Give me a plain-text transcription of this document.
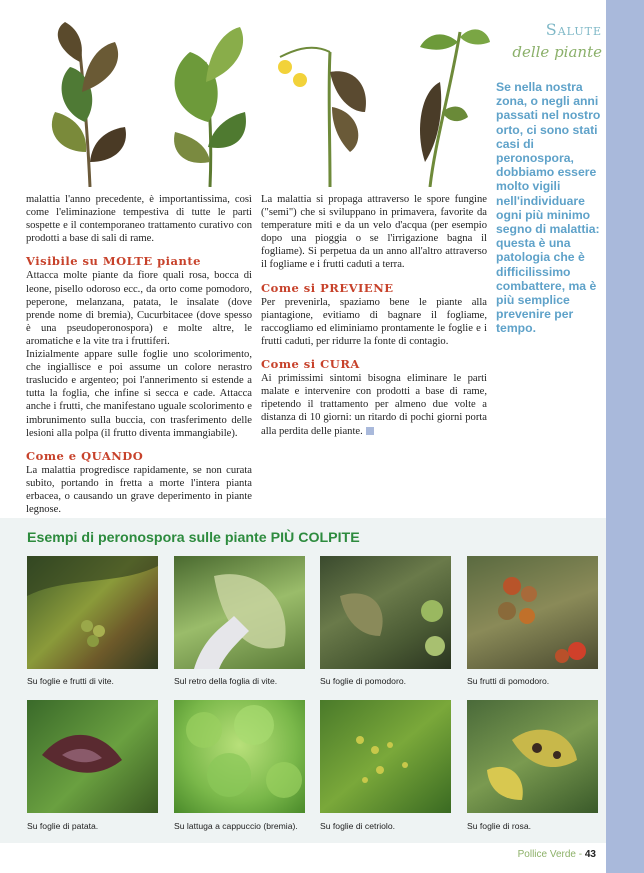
Salute
delle piante
Se nella nostra zona, o negli anni passati nel nostro orto, ci sono stati casi di peronospora, dobbiamo essere molto vigili nell'individuare ogni più minimo segno di malattia: questa è una patologia che è difficilissimo combattere, ma è più semplice prevenire per tempo.

malattia l'anno precedente, è importantissima, così come l'eliminazione tempestiva di tutte le parti sospette e il contemporaneo trattamento curativo con prodotti a base di sali di rame.

Visibile su MOLTE piante

Attacca molte piante da fiore quali rosa, bocca di leone, pisello odoroso ecc., da orto come pomodoro, peperone, melanzana, patata, le insalate (dove prende nome di bremia), Cucurbitacee (dove spesso è una pseudoperonospora) e molte altre, le aromatiche e la vite tra i fruttiferi.

Inizialmente appare sulle foglie uno scolorimento, che ingiallisce e poi assume un colore nerastro traslucido e argenteo; poi l'annerimento si estende a tutta la foglia, che infine si secca e cade. Attacca anche i frutti, che manifestano uguale scolorimento e imbrunimento sulla buccia, con trasferimento delle lesioni alla polpa (il frutto diventa immangiabile).

Come e QUANDO

La malattia progredisce rapidamente, se non curata subito, portando in fretta a morte l'intera pianta erbacea, o causando un grave deperimento in piante legnose.

La malattia si propaga attraverso le spore fungine ("semi") che si sviluppano in primavera, favorite da temperature miti e da un velo d'acqua (per esempio dopo una pioggia o se l'irrigazione bagna il fogliame). Si perpetua da un anno all'altro attraverso il fogliame e i frutti caduti a terra.

Come si PREVIENE

Per prevenirla, spaziamo bene le piante alla piantagione, evitiamo di bagnare il fogliame, raccogliamo ed eliminiamo prontamente le foglie e i frutti caduti, per ridurre la fonte di contagio.

Come si CURA

Ai primissimi sintomi bisogna eliminare le parti malate e intervenire con prodotti a base di rame, ripetendo il trattamento per almeno due volte a distanza di 10 giorni: un ritardo di pochi giorni porta alla perdita delle piante.

Esempi di peronospora sulle piante PIÙ COLPITE
Su foglie e frutti di vite.	Sul retro della foglia di vite.	Su foglie di pomodoro.	Su frutti di pomodoro.
Su foglie di patata.	Su lattuga a cappuccio (bremia).	Su foglie di cetriolo.	Su foglie di rosa.
Pollice Verde - 43
